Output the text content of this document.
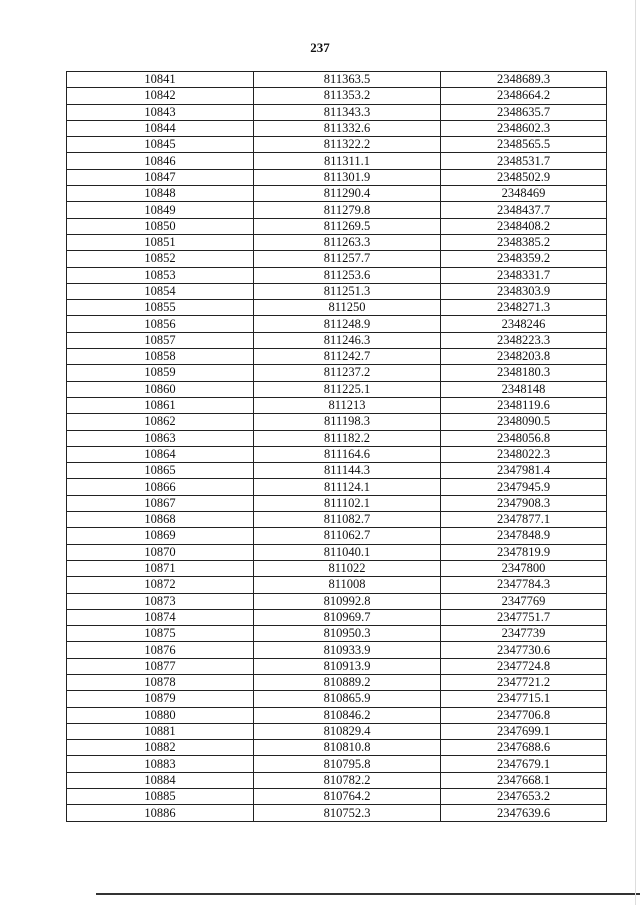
237
10841	811363.5	2348689.3
10842	811353.2	2348664.2
10843	811343.3	2348635.7
10844	811332.6	2348602.3
10845	811322.2	2348565.5
10846	811311.1	2348531.7
10847	811301.9	2348502.9
10848	811290.4	2348469
10849	811279.8	2348437.7
10850	811269.5	2348408.2
10851	811263.3	2348385.2
10852	811257.7	2348359.2
10853	811253.6	2348331.7
10854	811251.3	2348303.9
10855	811250	2348271.3
10856	811248.9	2348246
10857	811246.3	2348223.3
10858	811242.7	2348203.8
10859	811237.2	2348180.3
10860	811225.1	2348148
10861	811213	2348119.6
10862	811198.3	2348090.5
10863	811182.2	2348056.8
10864	811164.6	2348022.3
10865	811144.3	2347981.4
10866	811124.1	2347945.9
10867	811102.1	2347908.3
10868	811082.7	2347877.1
10869	811062.7	2347848.9
10870	811040.1	2347819.9
10871	811022	2347800
10872	811008	2347784.3
10873	810992.8	2347769
10874	810969.7	2347751.7
10875	810950.3	2347739
10876	810933.9	2347730.6
10877	810913.9	2347724.8
10878	810889.2	2347721.2
10879	810865.9	2347715.1
10880	810846.2	2347706.8
10881	810829.4	2347699.1
10882	810810.8	2347688.6
10883	810795.8	2347679.1
10884	810782.2	2347668.1
10885	810764.2	2347653.2
10886	810752.3	2347639.6
